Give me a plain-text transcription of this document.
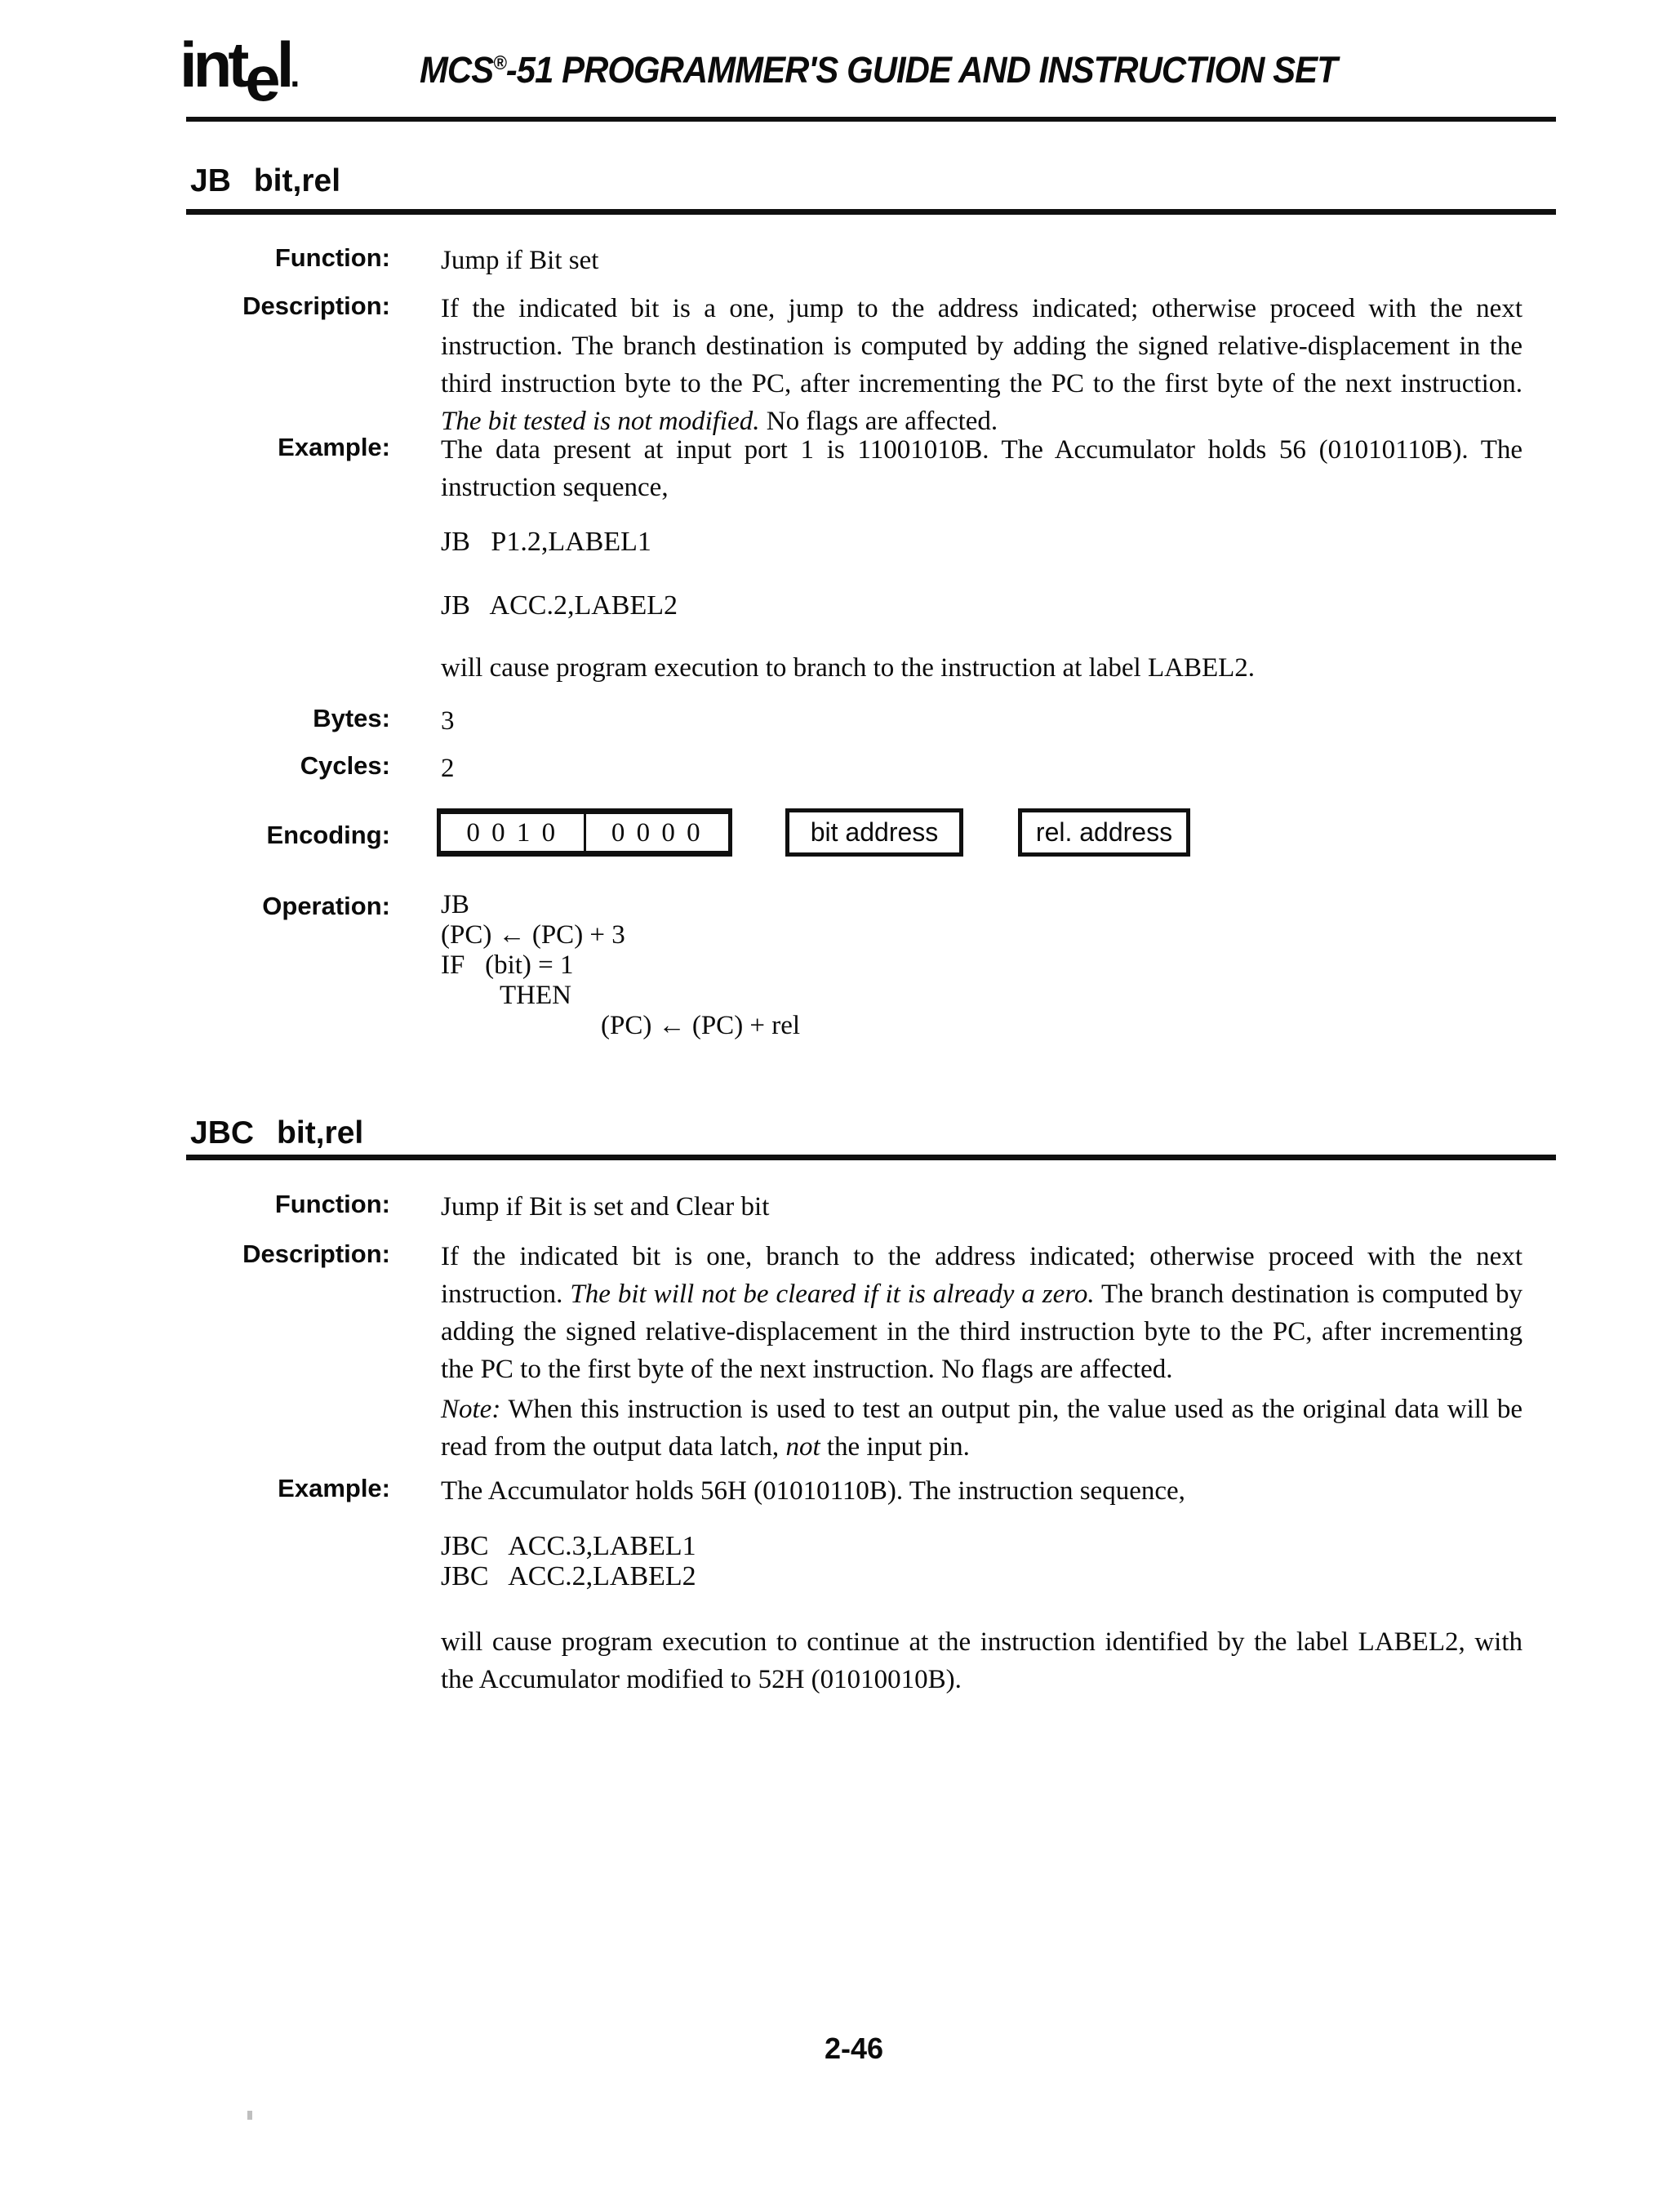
intel.	MCS®-51 PROGRAMMER'S GUIDE AND INSTRUCTION SET
JB bit,rel
Function: Jump if Bit set
Description: If the indicated bit is a one, jump to the address indicated; otherwise proceed with the next instruction. The branch destination is computed by adding the signed relative-displacement in the third instruction byte to the PC, after incrementing the PC to the first byte of the next instruction. The bit tested is not modified. No flags are affected.
Example: The data present at input port 1 is 11001010B. The Accumulator holds 56 (01010110B). The instruction sequence,
JB   P1.2,LABEL1
JB   ACC.2,LABEL2
will cause program execution to branch to the instruction at label LABEL2.
Bytes: 3
Cycles: 2
Encoding:	0 0 1 0	0 0 0 0	bit address	rel. address
Operation: JB
(PC) ← (PC) + 3
IF   (bit) = 1
THEN
(PC) ← (PC) + rel
JBC bit,rel
Function: Jump if Bit is set and Clear bit
Description: If the indicated bit is one, branch to the address indicated; otherwise proceed with the next instruction. The bit will not be cleared if it is already a zero. The branch destination is computed by adding the signed relative-displacement in the third instruction byte to the PC, after incrementing the PC to the first byte of the next instruction. No flags are affected.
Note: When this instruction is used to test an output pin, the value used as the original data will be read from the output data latch, not the input pin.
Example: The Accumulator holds 56H (01010110B). The instruction sequence,
JBC   ACC.3,LABEL1
JBC   ACC.2,LABEL2
will cause program execution to continue at the instruction identified by the label LABEL2, with the Accumulator modified to 52H (01010010B).
2-46
